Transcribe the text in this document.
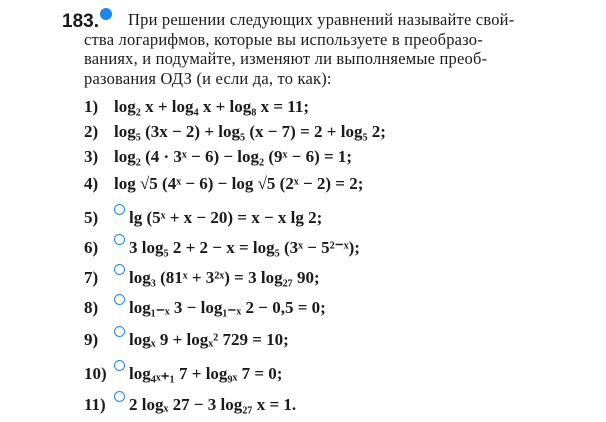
183. При решении следующих уравнений называйте свой-
ства логарифмов, которые вы используете в преобразо-
ваниях, и подумайте, изменяют ли выполняемые преоб-
разования ОДЗ (и если да, то как):
1) log₂ x + log₄ x + log₈ x = 11;
2) log₅ (3x − 2) + log₅ (x − 7) = 2 + log₅ 2;
3) log₂ (4 · 3ˣ − 6) − log₂ (9ˣ − 6) = 1;
4) log √5 (4ˣ − 6) − log √5 (2ˣ − 2) = 2;
5)	lg (5ˣ + x − 20) = x − x lg 2;
6)	3 log₅ 2 + 2 − x = log₅ (3ˣ − 5²⁻ˣ);
7)	log₃ (81ˣ + 3²ˣ) = 3 log₂₇ 90;
8)	log₁₋ₓ 3 − log₁₋ₓ 2 − 0,5 = 0;
9)	logₓ 9 + logₓ² 729 = 10;
10)	log₄ₓ₊₁ 7 + log₉ₓ 7 = 0;
11)	2 logₓ 27 − 3 log₂₇ x = 1.
